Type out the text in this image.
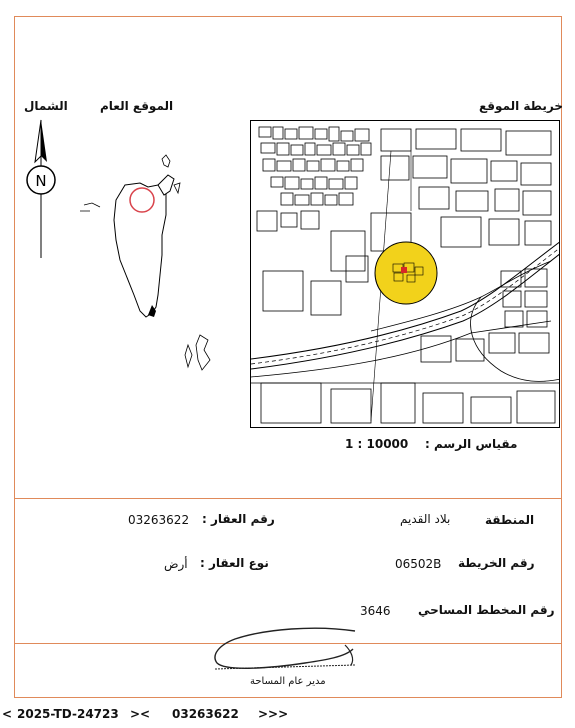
خريطة الموقع
الموقع العام
الشمال
N
مقياس الرسم :
1 : 10000
المنطقة
بلاد القديم
رقم العقار :
03263622
رقم الخريطة
06502B
نوع العقار :
أرض
رقم المخطط المساحي
3646
مدير عام المساحة
< 2025-TD-24723 >< 03263622 >>>
